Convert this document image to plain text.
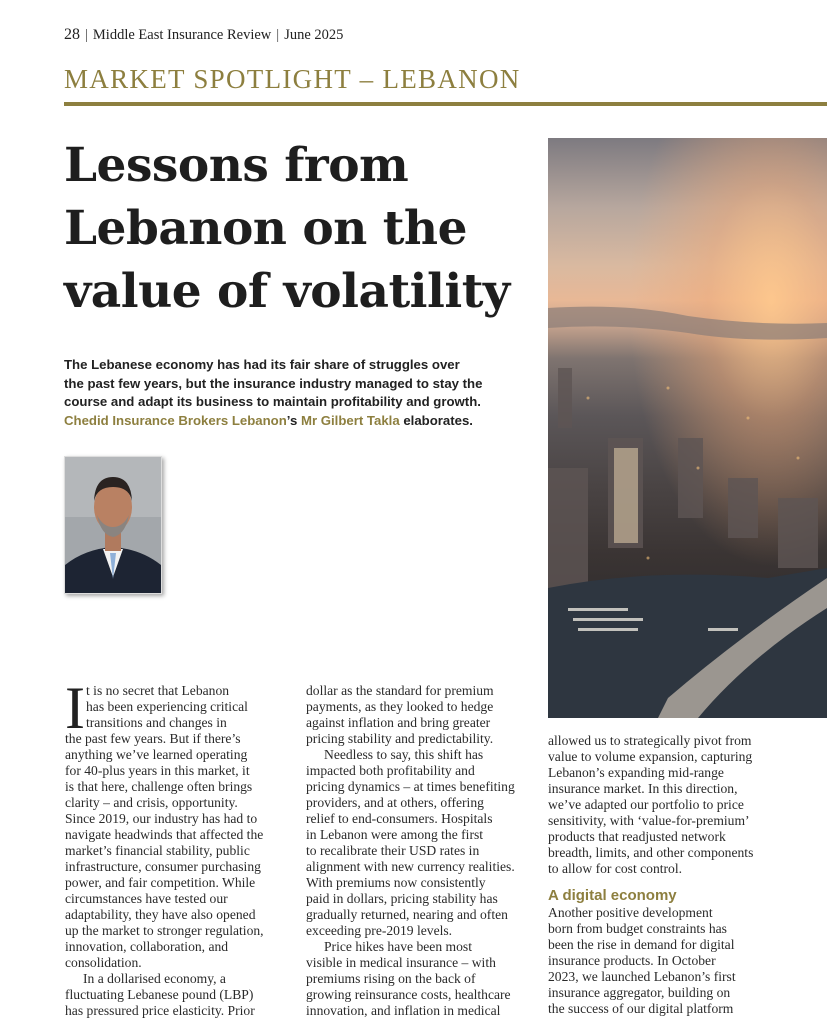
28 | Middle East Insurance Review | June 2025
MARKET SPOTLIGHT – LEBANON
Lessons from
Lebanon on the
value of volatility
The Lebanese economy has had its fair share of struggles over
the past few years, but the insurance industry managed to stay the
course and adapt its business to maintain profitability and growth.
Chedid Insurance Brokers Lebanon’s Mr Gilbert Takla elaborates.
I t is no secret that Lebanon
has been experiencing critical
transitions and changes in
the past few years. But if there’s
anything we’ve learned operating
for 40-plus years in this market, it
is that here, challenge often brings
clarity – and crisis, opportunity.
Since 2019, our industry has had to
navigate headwinds that affected the
market’s financial stability, public
infrastructure, consumer purchasing
power, and fair competition. While
circumstances have tested our
adaptability, they have also opened
up the market to stronger regulation,
innovation, collaboration, and
consolidation.
In a dollarised economy, a
fluctuating Lebanese pound (LBP)
has pressured price elasticity. Prior
dollar as the standard for premium
payments, as they looked to hedge
against inflation and bring greater
pricing stability and predictability.
Needless to say, this shift has
impacted both profitability and
pricing dynamics – at times benefiting
providers, and at others, offering
relief to end-consumers. Hospitals
in Lebanon were among the first
to recalibrate their USD rates in
alignment with new currency realities.
With premiums now consistently
paid in dollars, pricing stability has
gradually returned, nearing and often
exceeding pre-2019 levels.
Price hikes have been most
visible in medical insurance – with
premiums rising on the back of
growing reinsurance costs, healthcare
innovation, and inflation in medical
allowed us to strategically pivot from
value to volume expansion, capturing
Lebanon’s expanding mid-range
insurance market. In this direction,
we’ve adapted our portfolio to price
sensitivity, with ‘value-for-premium’
products that readjusted network
breadth, limits, and other components
to allow for cost control.
A digital economy
Another positive development
born from budget constraints has
been the rise in demand for digital
insurance products. In October
2023, we launched Lebanon’s first
insurance aggregator, building on
the success of our digital platform
